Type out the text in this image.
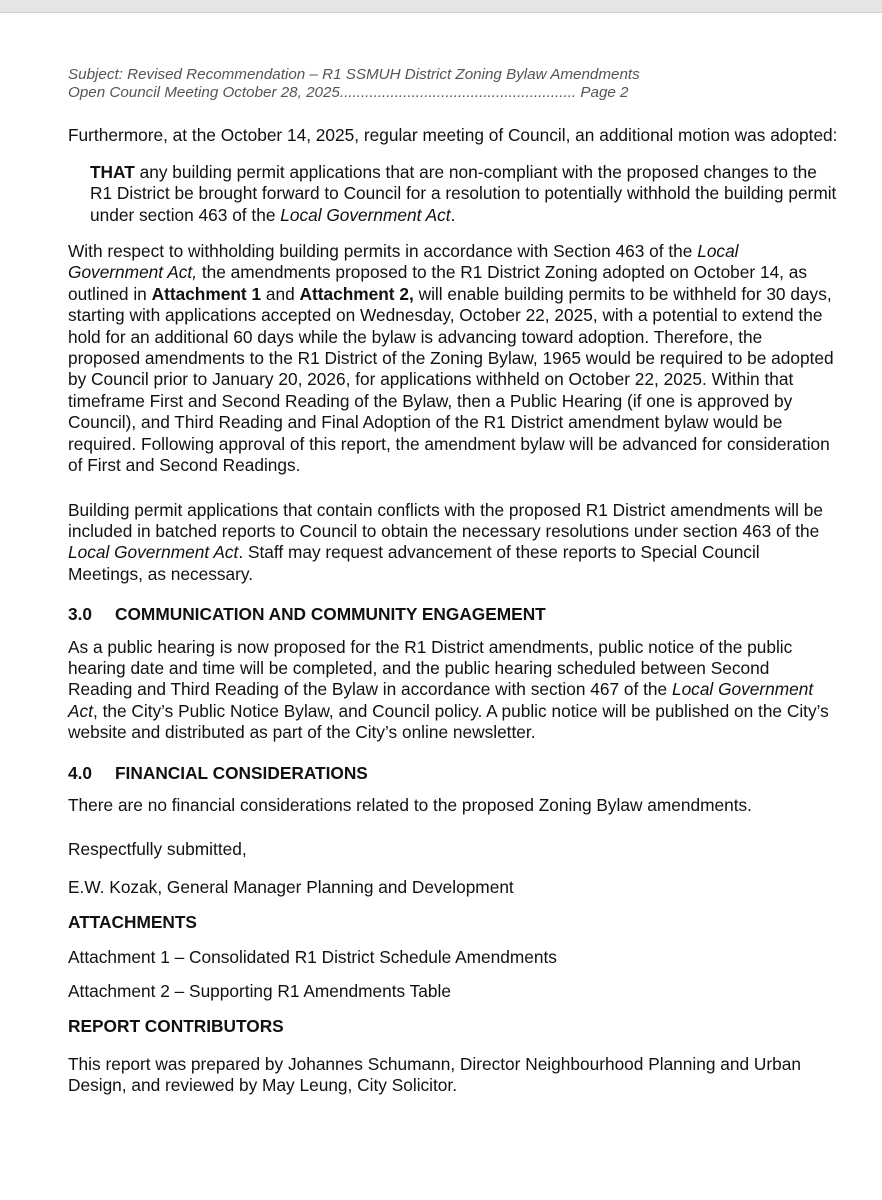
Subject: Revised Recommendation – R1 SSMUH District Zoning Bylaw Amendments
Open Council Meeting October 28, 2025........................................................ Page 2

Furthermore, at the October 14, 2025, regular meeting of Council, an additional motion was adopted:

THAT any building permit applications that are non-compliant with the proposed changes to the R1 District be brought forward to Council for a resolution to potentially withhold the building permit under section 463 of the Local Government Act.

With respect to withholding building permits in accordance with Section 463 of the Local Government Act, the amendments proposed to the R1 District Zoning adopted on October 14, as outlined in Attachment 1 and Attachment 2, will enable building permits to be withheld for 30 days, starting with applications accepted on Wednesday, October 22, 2025, with a potential to extend the hold for an additional 60 days while the bylaw is advancing toward adoption. Therefore, the proposed amendments to the R1 District of the Zoning Bylaw, 1965 would be required to be adopted by Council prior to January 20, 2026, for applications withheld on October 22, 2025. Within that timeframe First and Second Reading of the Bylaw, then a Public Hearing (if one is approved by Council), and Third Reading and Final Adoption of the R1 District amendment bylaw would be required. Following approval of this report, the amendment bylaw will be advanced for consideration of First and Second Readings.

Building permit applications that contain conflicts with the proposed R1 District amendments will be included in batched reports to Council to obtain the necessary resolutions under section 463 of the Local Government Act. Staff may request advancement of these reports to Special Council Meetings, as necessary.

3.0 COMMUNICATION AND COMMUNITY ENGAGEMENT

As a public hearing is now proposed for the R1 District amendments, public notice of the public hearing date and time will be completed, and the public hearing scheduled between Second Reading and Third Reading of the Bylaw in accordance with section 467 of the Local Government Act, the City’s Public Notice Bylaw, and Council policy. A public notice will be published on the City’s website and distributed as part of the City’s online newsletter.

4.0 FINANCIAL CONSIDERATIONS

There are no financial considerations related to the proposed Zoning Bylaw amendments.

Respectfully submitted,

E.W. Kozak, General Manager Planning and Development

ATTACHMENTS

Attachment 1 – Consolidated R1 District Schedule Amendments

Attachment 2 – Supporting R1 Amendments Table

REPORT CONTRIBUTORS

This report was prepared by Johannes Schumann, Director Neighbourhood Planning and Urban Design, and reviewed by May Leung, City Solicitor.
